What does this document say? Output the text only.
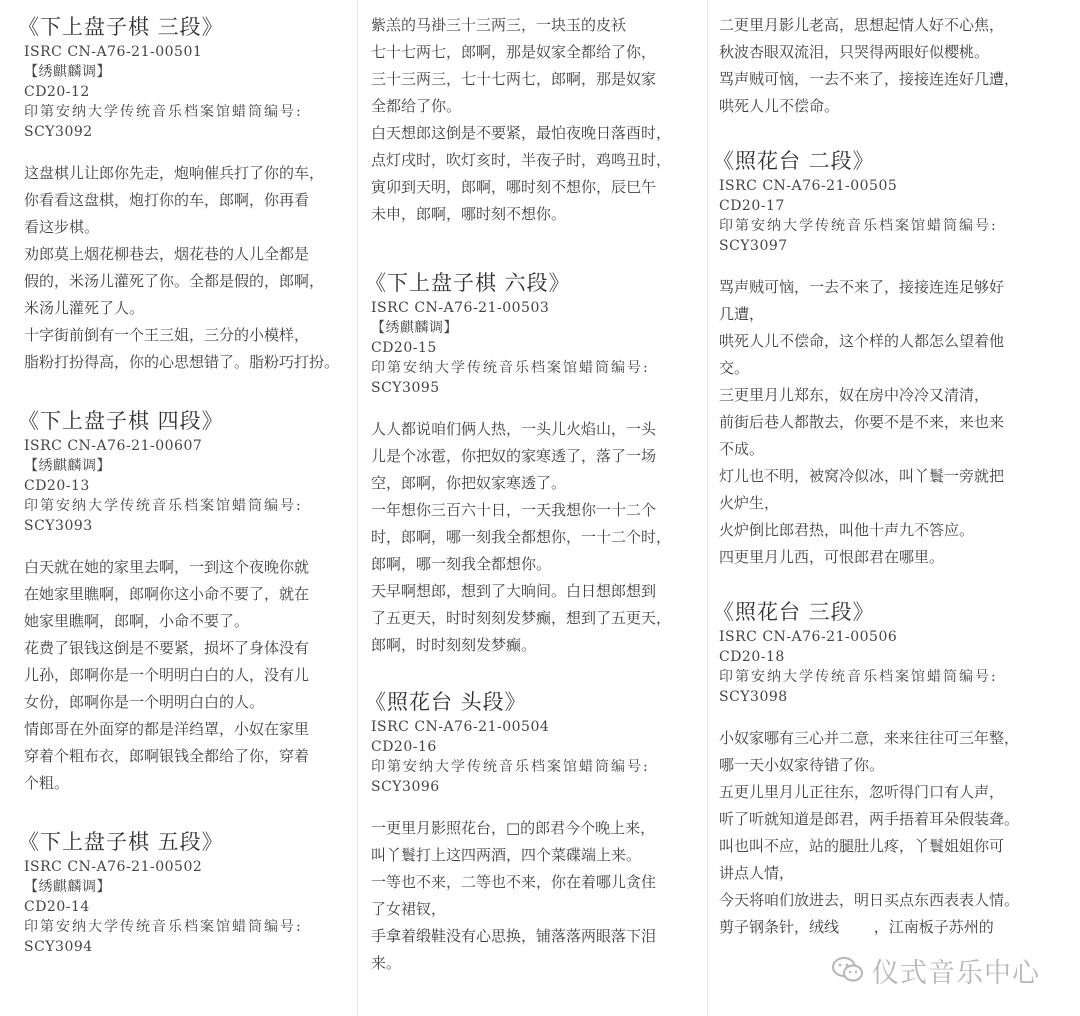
《下上盘子棋 三段》
ISRC CN-A76-21-00501
【绣麒麟调】
CD20-12
印第安纳大学传统音乐档案馆蜡筒编号:
SCY3092

这盘棋儿让郎你先走，炮响催兵打了你的车，

你看看这盘棋，炮打你的车，郎啊，你再看

看这步棋。

劝郎莫上烟花柳巷去，烟花巷的人儿全都是

假的，米汤儿灌死了你。全都是假的，郎啊，

米汤儿灌死了人。

十字街前倒有一个王三姐，三分的小模样，

脂粉打扮得高，你的心思想错了。脂粉巧打扮。

《下上盘子棋 四段》
ISRC CN-A76-21-00607
【绣麒麟调】
CD20-13
印第安纳大学传统音乐档案馆蜡筒编号:
SCY3093

白天就在她的家里去啊，一到这个夜晚你就

在她家里瞧啊，郎啊你这小命不要了，就在

她家里瞧啊，郎啊，小命不要了。

花费了银钱这倒是不要紧，损坏了身体没有

儿孙，郎啊你是一个明明白白的人，没有儿

女份，郎啊你是一个明明白白的人。

情郎哥在外面穿的都是洋绉罩，小奴在家里

穿着个粗布衣，郎啊银钱全都给了你，穿着

个粗。

《下上盘子棋 五段》
ISRC CN-A76-21-00502
【绣麒麟调】
CD20-14
印第安纳大学传统音乐档案馆蜡筒编号:
SCY3094

紫羔的马褂三十三两三，一块玉的皮袄

七十七两七，郎啊，那是奴家全都给了你，

三十三两三，七十七两七，郎啊，那是奴家

全都给了你。

白天想郎这倒是不要紧，最怕夜晚日落酉时，

点灯戌时，吹灯亥时，半夜子时，鸡鸣丑时，

寅卯到天明，郎啊，哪时刻不想你，辰巳午

未申，郎啊，哪时刻不想你。

《下上盘子棋 六段》
ISRC CN-A76-21-00503
【绣麒麟调】
CD20-15
印第安纳大学传统音乐档案馆蜡筒编号:
SCY3095

人人都说咱们俩人热，一头儿火焰山，一头

儿是个冰雹，你把奴的家寒透了，落了一场

空，郎啊，你把奴家寒透了。

一年想你三百六十日，一天我想你一十二个

时，郎啊，哪一刻我全都想你，一十二个时，

郎啊，哪一刻我全都想你。

天早啊想郎，想到了大晌间。白日想郎想到

了五更天，时时刻刻发梦癫，想到了五更天，

郎啊，时时刻刻发梦癫。

《照花台 头段》
ISRC CN-A76-21-00504
CD20-16
印第安纳大学传统音乐档案馆蜡筒编号:
SCY3096

一更里月影照花台，□的郎君今个晚上来，

叫丫鬟打上这四两酒，四个菜碟端上来。

一等也不来，二等也不来，你在着哪儿贪住

了女裙钗，

手拿着缎鞋没有心思换，铺落落两眼落下泪

来。

二更里月影儿老高，思想起情人好不心焦，

秋波杏眼双流泪，只哭得两眼好似樱桃。

骂声贼可恼，一去不来了，接接连连好几遭，

哄死人儿不偿命。

《照花台 二段》
ISRC CN-A76-21-00505
CD20-17
印第安纳大学传统音乐档案馆蜡筒编号:
SCY3097

骂声贼可恼，一去不来了，接接连连足够好

几遭，

哄死人儿不偿命，这个样的人都怎么望着他

交。

三更里月儿郑东，奴在房中冷冷又清清，

前街后巷人都散去，你要不是不来，来也来

不成。

灯儿也不明，被窝冷似冰，叫丫鬟一旁就把

火炉生，

火炉倒比郎君热，叫他十声九不答应。

四更里月儿西，可恨郎君在哪里。

《照花台 三段》
ISRC CN-A76-21-00506
CD20-18
印第安纳大学传统音乐档案馆蜡筒编号:
SCY3098

小奴家哪有三心并二意，来来往往可三年整，

哪一天小奴家待错了你。

五更儿里月儿正往东，忽听得门口有人声，

听了听就知道是郎君，两手捂着耳朵假装聋。

叫也叫不应，站的腿肚儿疼，丫鬟姐姐你可

讲点人情，

今天将咱们放进去，明日买点东西表表人情。

剪子钢条针，绒线 　　，江南板子苏州的

仪式音乐中心
